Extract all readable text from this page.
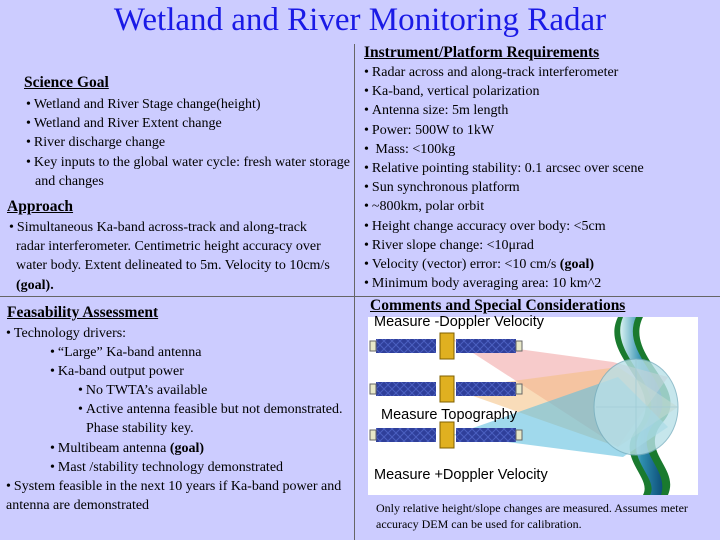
Wetland and River Monitoring Radar
Science Goal
• Wetland and River Stage change(height)
• Wetland and River Extent change
• River discharge change
• Key inputs to the global water cycle: fresh water storage and changes
Approach
• Simultaneous Ka-band across-track and along-track radar interferometer. Centimetric height accuracy over water body. Extent delineated to 5m. Velocity to 10cm/s (goal).
Instrument/Platform Requirements
• Radar across and along-track interferometer
• Ka-band, vertical polarization
• Antenna size: 5m length
• Power: 500W to 1kW
• Mass: <100kg
• Relative pointing stability: 0.1 arcsec over scene
• Sun synchronous platform
• ~800km, polar orbit
• Height change accuracy over body: <5cm
• River slope change: <10μrad
• Velocity (vector) error: <10 cm/s (goal)
• Minimum body averaging area: 10 km^2
Feasability Assessment
• Technology drivers:
• “Large” Ka-band antenna
• Ka-band output power
• No TWTA’s available
• Active antenna feasible but not demonstrated. Phase stability key.
• Multibeam antenna (goal)
• Mast /stability technology demonstrated
• System feasible in the next 10 years if Ka-band power and antenna are demonstrated
Comments and Special Considerations
Measure -Doppler Velocity
Measure Topography
Measure +Doppler Velocity
Only relative height/slope changes are measured. Assumes meter accuracy DEM can be used for calibration.
